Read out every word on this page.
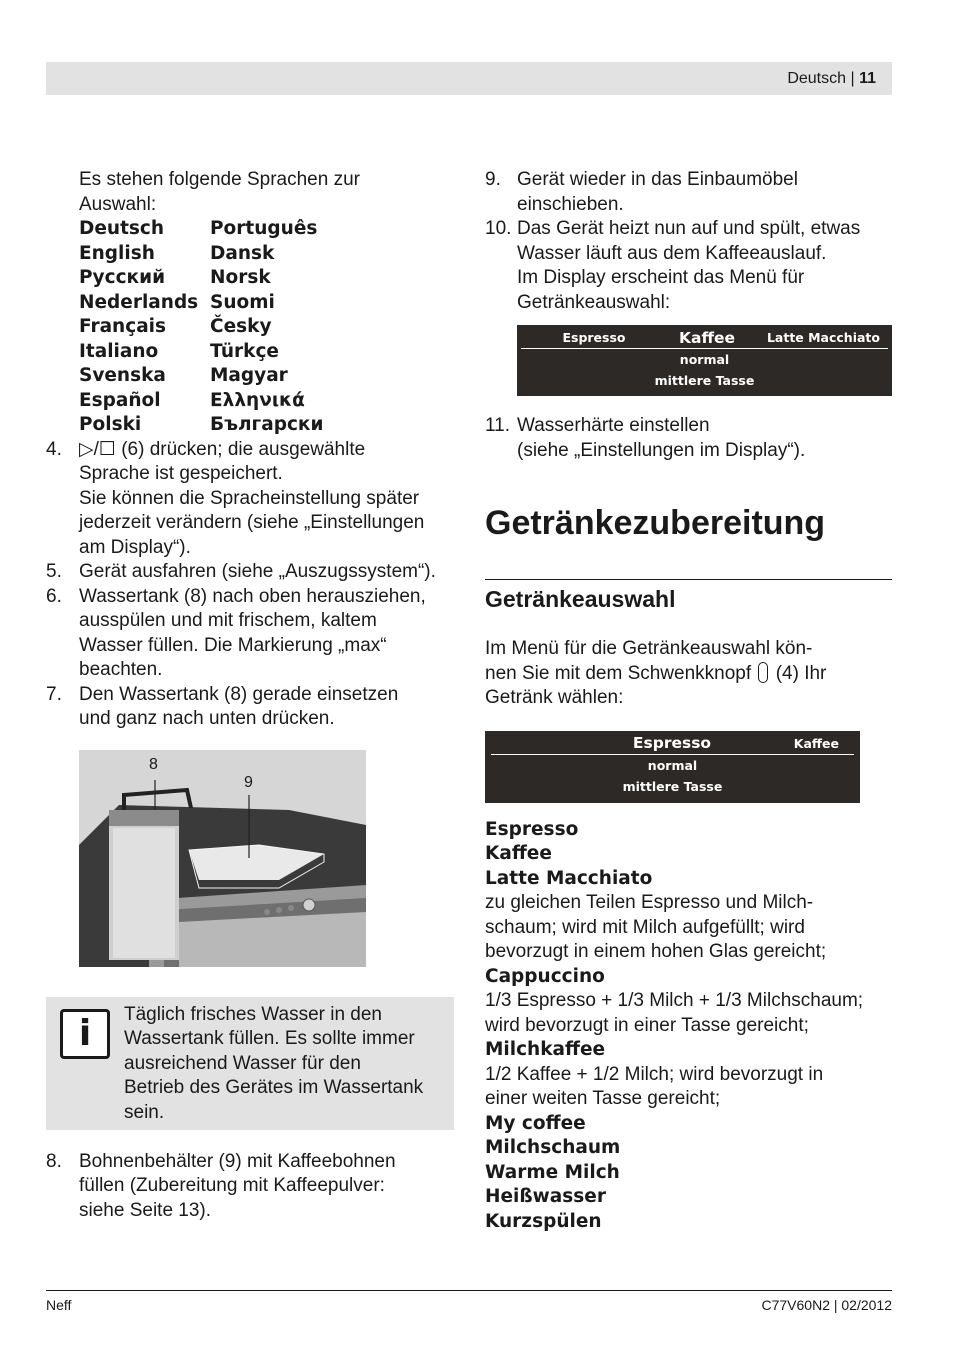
Deutsch | 11
Es stehen folgende Sprachen zur Auswahl:
Deutsch	Português
English	Dansk
Русский	Norsk
Nederlands Suomi
Français	Česky
Italiano	Türkçe
Svenska	Magyar
Español	Ελληνικά
Polski	Български
4. ▷/☐ (6) drücken; die ausgewählte
Sprache ist gespeichert.
Sie können die Spracheinstellung später
jederzeit verändern (siehe „Einstellungen
am Display“).
5. Gerät ausfahren (siehe „Auszugssystem“).
6. Wassertank (8) nach oben herausziehen,
ausspülen und mit frischem, kaltem
Wasser füllen. Die Markierung „max“
beachten.
7. Den Wassertank (8) gerade einsetzen
und ganz nach unten drücken.
8
9
i	Täglich frisches Wasser in den
Wassertank füllen. Es sollte immer
ausreichend Wasser für den
Betrieb des Gerätes im Wassertank
sein.
8. Bohnenbehälter (9) mit Kaffeebohnen
füllen (Zubereitung mit Kaffeepulver:
siehe Seite 13).
9. Gerät wieder in das Einbaumöbel
einschieben.
10. Das Gerät heizt nun auf und spült, etwas
Wasser läuft aus dem Kaffeeauslauf.
Im Display erscheint das Menü für
Getränkeauswahl:
Espresso	Kaffee	Latte Macchiato
normal
mittlere Tasse
11. Wasserhärte einstellen
(siehe „Einstellungen im Display“).
Getränkezubereitung
Getränkeauswahl
Im Menü für die Getränkeauswahl kön-
nen Sie mit dem Schwenkknopf (4) Ihr
Getränk wählen:
Espresso	Kaffee
normal
mittlere Tasse
Espresso
Kaffee
Latte Macchiato
zu gleichen Teilen Espresso und Milch-
schaum; wird mit Milch aufgefüllt; wird
bevorzugt in einem hohen Glas gereicht;
Cappuccino
1/3 Espresso + 1/3 Milch + 1/3 Milchschaum;
wird bevorzugt in einer Tasse gereicht;
Milchkaffee
1/2 Kaffee + 1/2 Milch; wird bevorzugt in
einer weiten Tasse gereicht;
My coffee
Milchschaum
Warme Milch
Heißwasser
Kurzspülen
Neff	C77V60N2 | 02/2012
